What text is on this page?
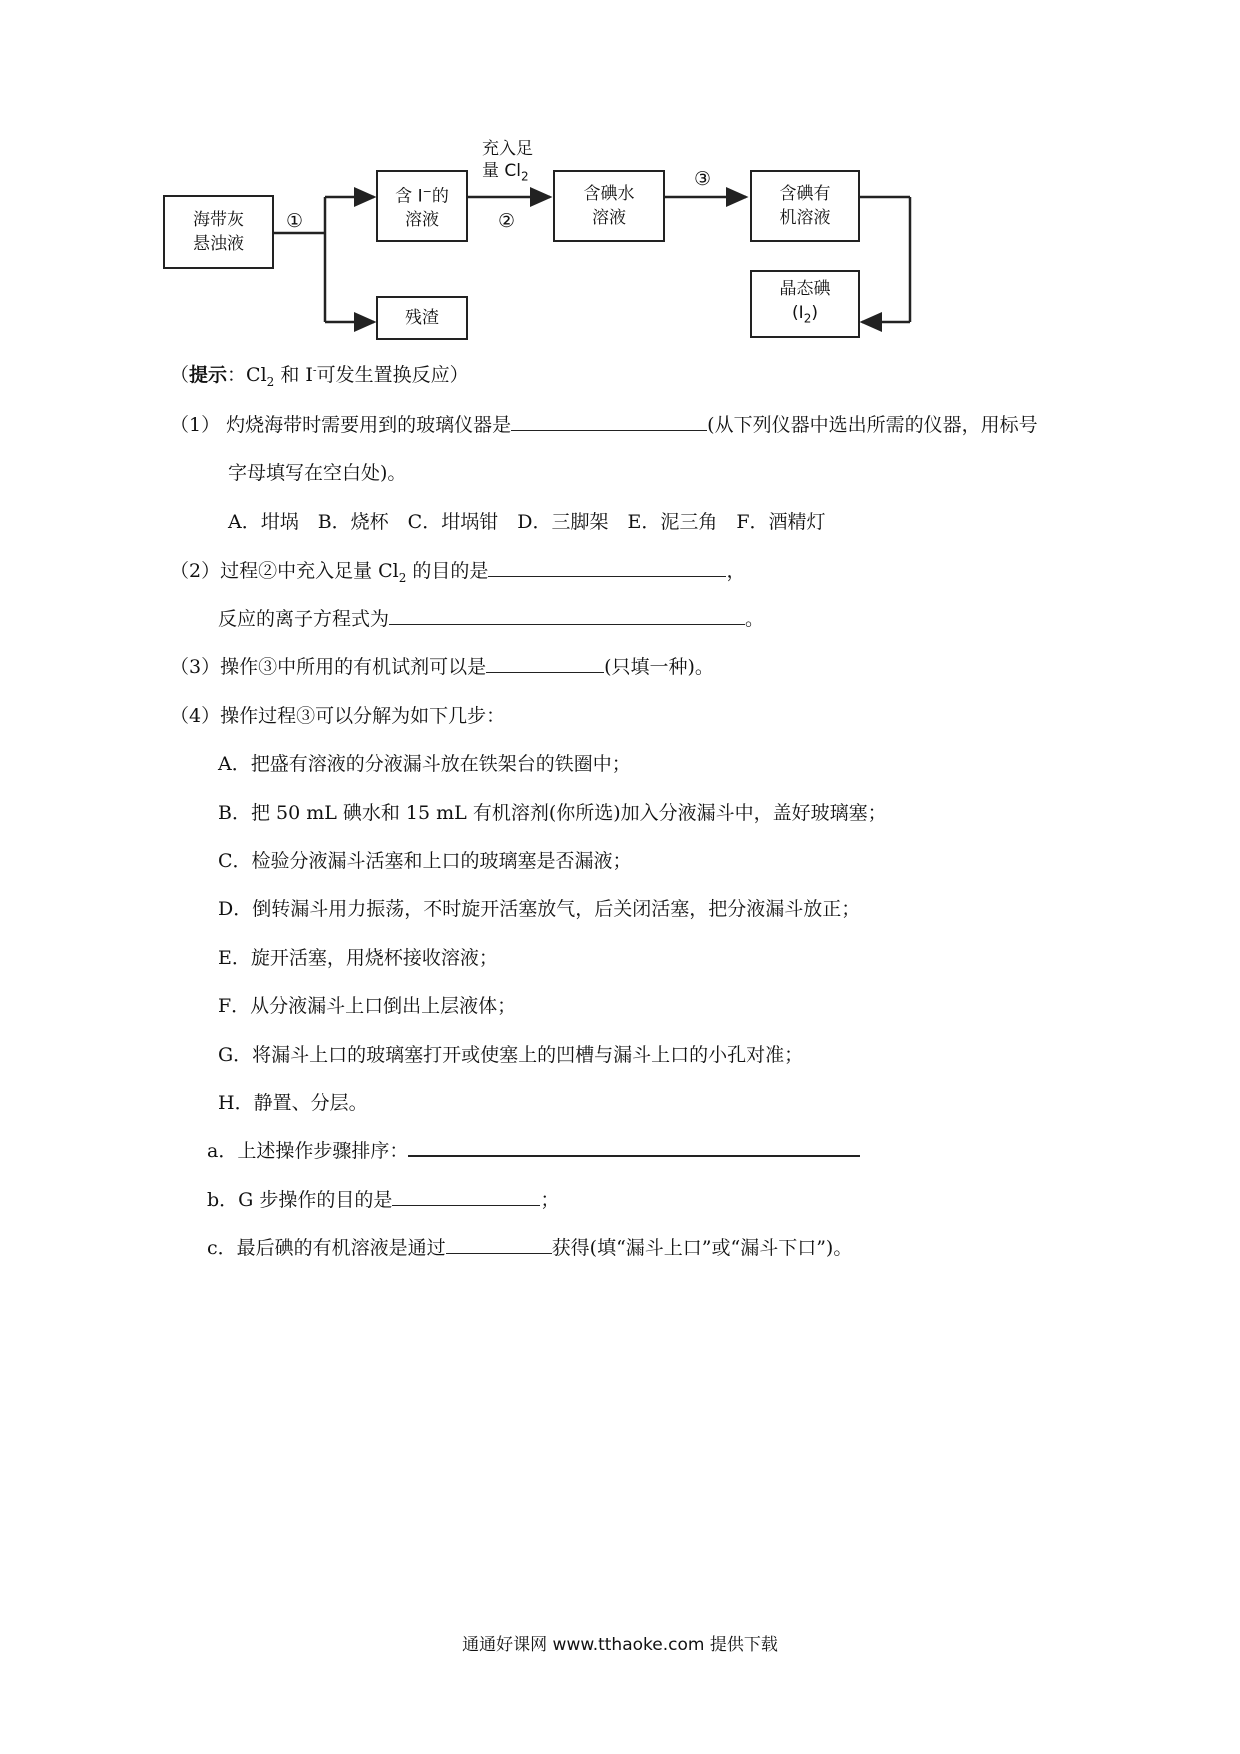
海带灰
悬浊液
含 I−的
溶液
残渣
含碘水
溶液
含碘有
机溶液
晶态碘
$(I_2)$
①
充入足
量 $Cl_2$
②
③
（提示：$Cl_2$ 和 I-可发生置换反应）
（1） 灼烧海带时需要用到的玻璃仪器是	(从下列仪器中选出所需的仪器，用标号
字母填写在空白处)。
A．坩埚　B．烧杯　C．坩埚钳　D．三脚架　E．泥三角　F．酒精灯
（2）过程②中充入足量 $Cl_2$ 的目的是	，
反应的离子方程式为	。
（3）操作③中所用的有机试剂可以是	(只填一种)。
（4）操作过程③可以分解为如下几步：
A．把盛有溶液的分液漏斗放在铁架台的铁圈中；
B．把 50 mL 碘水和 15 mL 有机溶剂(你所选)加入分液漏斗中，盖好玻璃塞；
C．检验分液漏斗活塞和上口的玻璃塞是否漏液；
D．倒转漏斗用力振荡，不时旋开活塞放气，后关闭活塞，把分液漏斗放正；
E．旋开活塞，用烧杯接收溶液；
F．从分液漏斗上口倒出上层液体；
G．将漏斗上口的玻璃塞打开或使塞上的凹槽与漏斗上口的小孔对准；
H．静置、分层。
a．上述操作步骤排序：
b．G 步操作的目的是	；
c．最后碘的有机溶液是通过	获得(填“漏斗上口”或“漏斗下口”)。
通通好课网 www.tthaoke.com 提供下载
